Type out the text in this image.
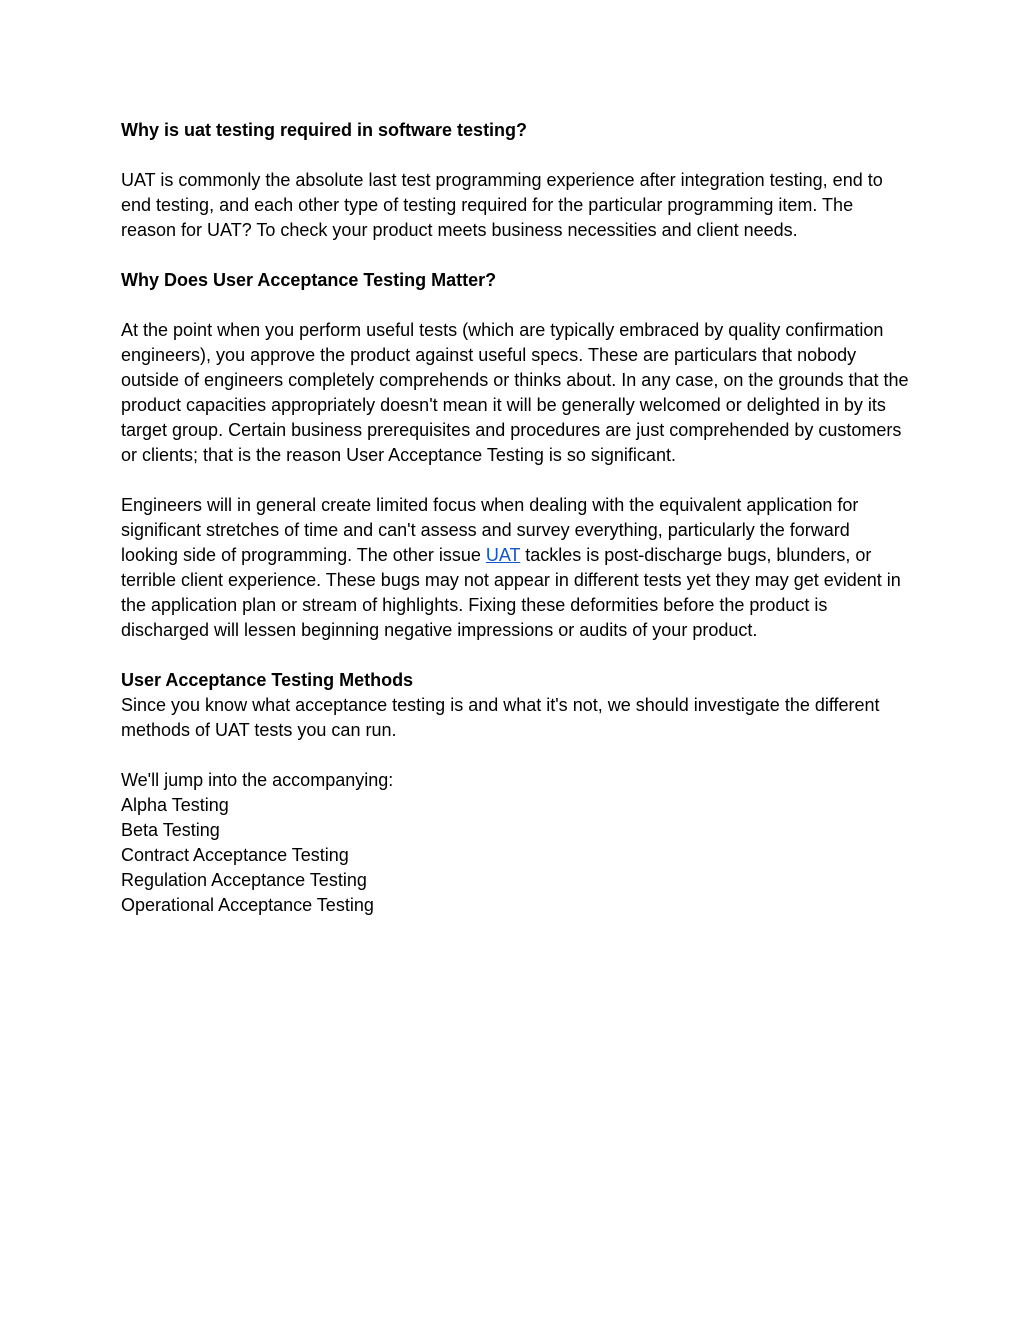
Why is uat testing required in software testing?

UAT is commonly the absolute last test programming experience after integration testing, end to end testing, and each other type of testing required for the particular programming item. The reason for UAT? To check your product meets business necessities and client needs.

Why Does User Acceptance Testing Matter?

At the point when you perform useful tests (which are typically embraced by quality confirmation engineers), you approve the product against useful specs. These are particulars that nobody outside of engineers completely comprehends or thinks about. In any case, on the grounds that the product capacities appropriately doesn't mean it will be generally welcomed or delighted in by its target group. Certain business prerequisites and procedures are just comprehended by customers or clients; that is the reason User Acceptance Testing is so significant.

Engineers will in general create limited focus when dealing with the equivalent application for significant stretches of time and can't assess and survey everything, particularly the forward looking side of programming. The other issue UAT tackles is post-discharge bugs, blunders, or terrible client experience. These bugs may not appear in different tests yet they may get evident in the application plan or stream of highlights. Fixing these deformities before the product is discharged will lessen beginning negative impressions or audits of your product.

User Acceptance Testing Methods

Since you know what acceptance testing is and what it's not, we should investigate the different methods of UAT tests you can run.

We'll jump into the accompanying:

Alpha Testing

Beta Testing

Contract Acceptance Testing

Regulation Acceptance Testing

Operational Acceptance Testing
